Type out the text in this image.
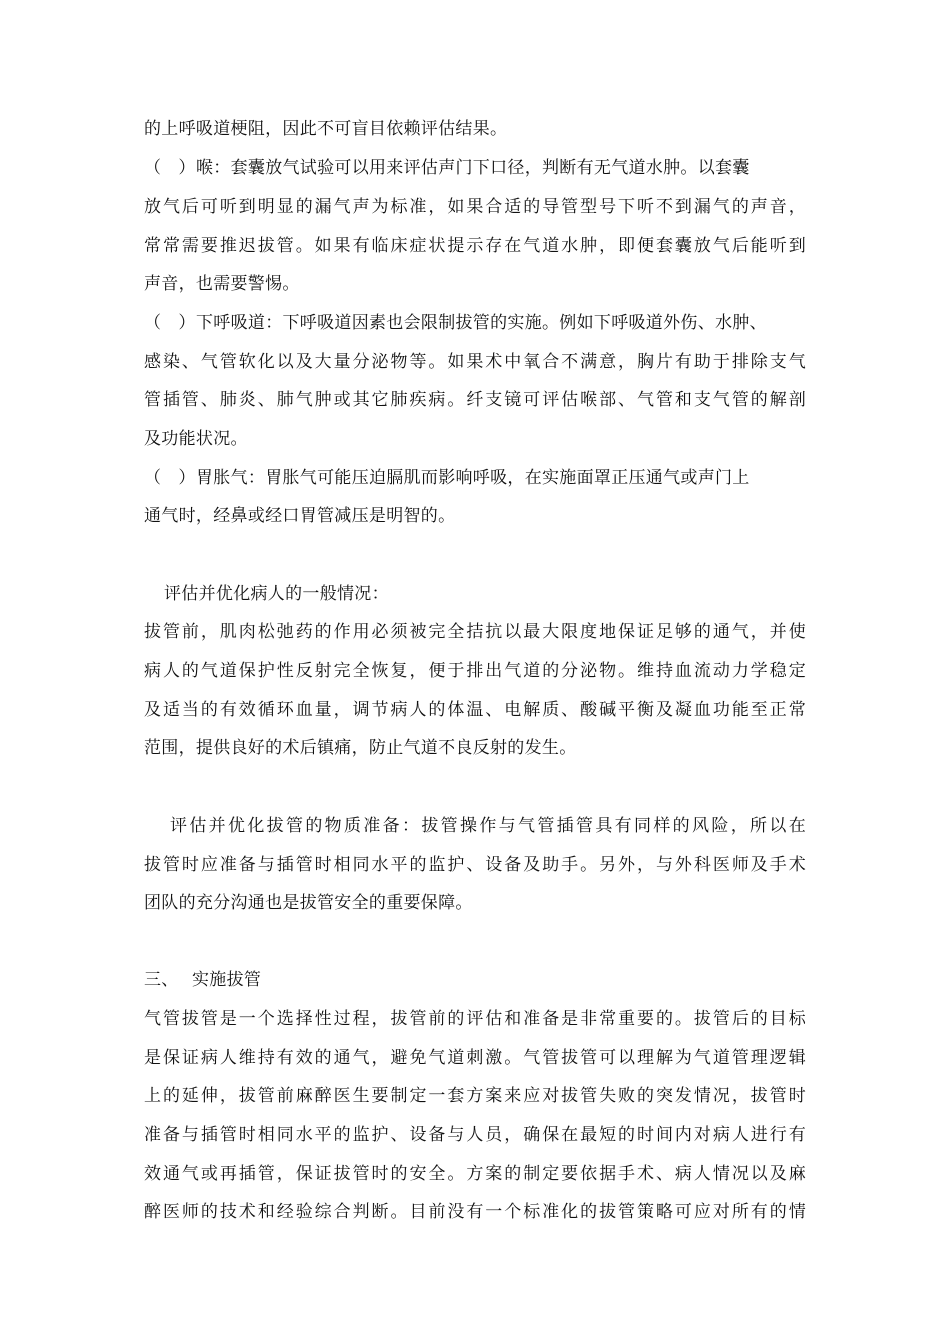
的上呼吸道梗阻，因此不可盲目依赖评估结果。
（ ）喉：套囊放气试验可以用来评估声门下口径，判断有无气道水肿。以套囊
放气后可听到明显的漏气声为标准，如果合适的导管型号下听不到漏气的声音，
常常需要推迟拔管。如果有临床症状提示存在气道水肿，即便套囊放气后能听到
声音，也需要警惕。
（ ）下呼吸道：下呼吸道因素也会限制拔管的实施。例如下呼吸道外伤、水肿、
感染、气管软化以及大量分泌物等。如果术中氧合不满意，胸片有助于排除支气
管插管、肺炎、肺气肿或其它肺疾病。纤支镜可评估喉部、气管和支气管的解剖
及功能状况。
（ ）胃胀气：胃胀气可能压迫膈肌而影响呼吸，在实施面罩正压通气或声门上
通气时，经鼻或经口胃管减压是明智的。
评估并优化病人的一般情况：
拔管前，肌肉松弛药的作用必须被完全拮抗以最大限度地保证足够的通气，并使
病人的气道保护性反射完全恢复，便于排出气道的分泌物。维持血流动力学稳定
及适当的有效循环血量，调节病人的体温、电解质、酸碱平衡及凝血功能至正常
范围，提供良好的术后镇痛，防止气道不良反射的发生。
评估并优化拔管的物质准备：拔管操作与气管插管具有同样的风险，所以在
拔管时应准备与插管时相同水平的监护、设备及助手。另外，与外科医师及手术
团队的充分沟通也是拔管安全的重要保障。
三、 实施拔管
气管拔管是一个选择性过程，拔管前的评估和准备是非常重要的。拔管后的目标
是保证病人维持有效的通气，避免气道刺激。气管拔管可以理解为气道管理逻辑
上的延伸，拔管前麻醉医生要制定一套方案来应对拔管失败的突发情况，拔管时
准备与插管时相同水平的监护、设备与人员，确保在最短的时间内对病人进行有
效通气或再插管，保证拔管时的安全。方案的制定要依据手术、病人情况以及麻
醉医师的技术和经验综合判断。目前没有一个标准化的拔管策略可应对所有的情
